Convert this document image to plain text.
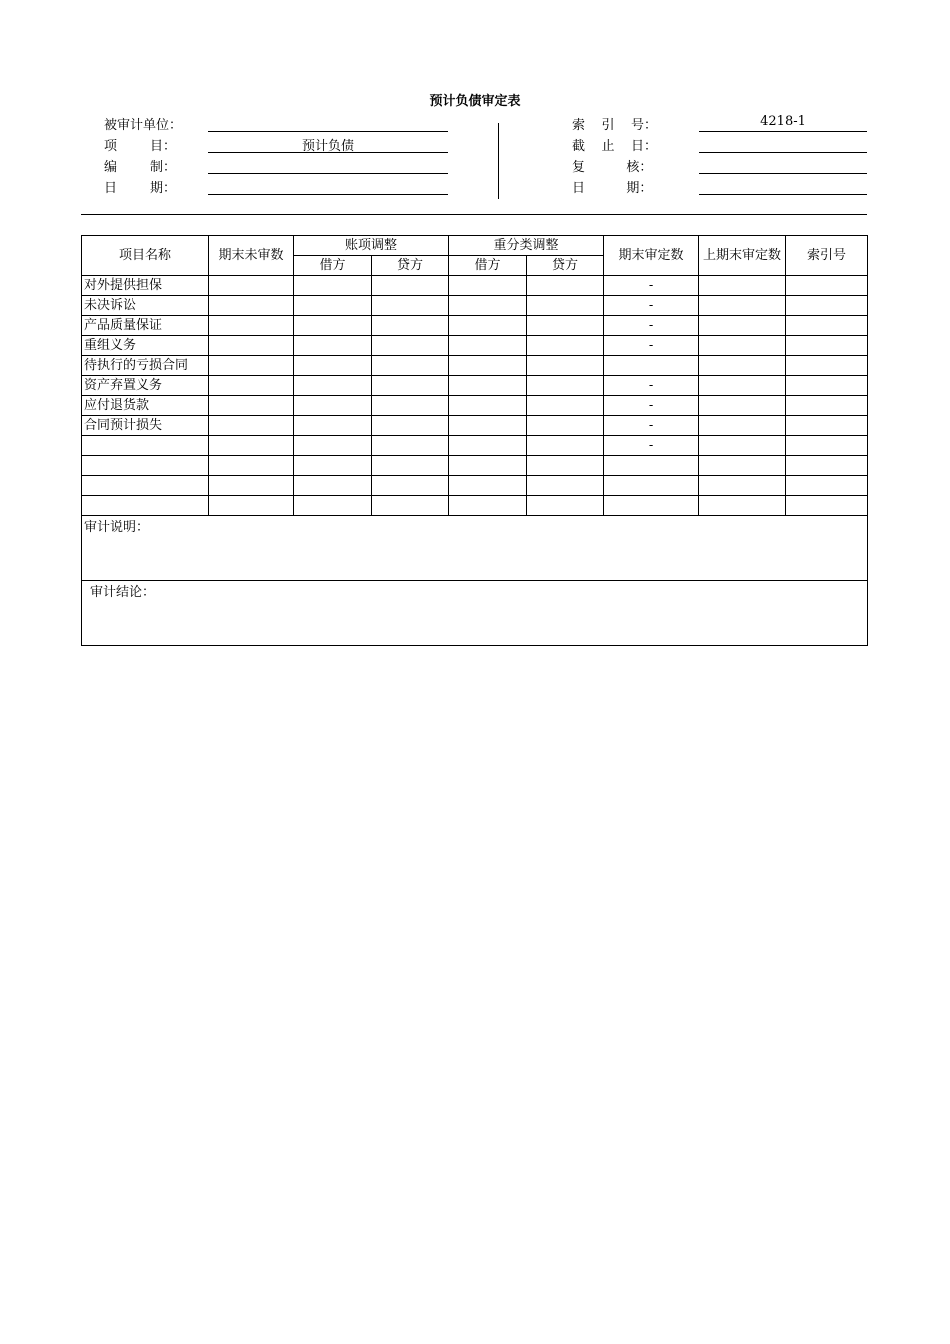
预计负债审定表
被审计单位：
项        目：	预计负债
编        制：
日        期：
索    引    号：	4218-1
截    止    日：
复          核：
日          期：
项目名称	期末未审数	账项调整		重分类调整		期末审定数	上期末审定数	索引号
		借方	贷方	借方	贷方			
对外提供担保						-		
未决诉讼						-		
产品质量保证						-		
重组义务						-		
待执行的亏损合同								
资产弃置义务						-		
应付退货款						-		
合同预计损失						-		
						-		

审计说明：								
审计结论：								
